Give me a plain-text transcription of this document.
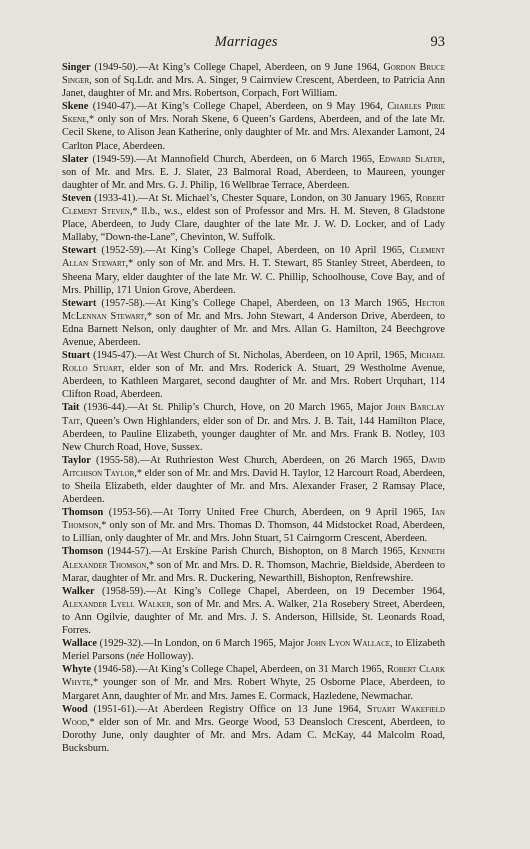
Marriages	93

Singer (1949-50).—At King’s College Chapel, Aberdeen, on 9 June 1964, Gordon Bruce Singer, son of Sq.Ldr. and Mrs. A. Singer, 9 Cairnview Crescent, Aberdeen, to Patricia Ann Janet, daughter of Mr. and Mrs. Robertson, Corpach, Fort William.

Skene (1940-47).—At King’s College Chapel, Aberdeen, on 9 May 1964, Charles Pirie Skene,* only son of Mrs. Norah Skene, 6 Queen’s Gardens, Aberdeen, and of the late Mr. Cecil Skene, to Alison Jean Katherine, only daughter of Mr. and Mrs. Alexander Lamont, 24 Carlton Place, Aberdeen.

Slater (1949-59).—At Mannofield Church, Aberdeen, on 6 March 1965, Edward Slater, son of Mr. and Mrs. E. J. Slater, 23 Balmoral Road, Aberdeen, to Maureen, younger daughter of Mr. and Mrs. G. J. Philip, 16 Wellbrae Terrace, Aberdeen.

Steven (1933-41).—At St. Michael’s, Chester Square, London, on 30 January 1965, Robert Clement Steven,* ll.b., w.s., eldest son of Professor and Mrs. H. M. Steven, 8 Gladstone Place, Aberdeen, to Judy Clare, daughter of the late Mr. J. W. D. Locker, and of Lady Mallaby, “Down-the-Lane”, Chevinton, W. Suffolk.

Stewart (1952-59).—At King’s College Chapel, Aberdeen, on 10 April 1965, Clement Allan Stewart,* only son of Mr. and Mrs. H. T. Stewart, 85 Stanley Street, Aberdeen, to Sheena Mary, elder daughter of the late Mr. W. C. Phillip, Schoolhouse, Cove Bay, and of Mrs. Phillip, 171 Union Grove, Aberdeen.

Stewart (1957-58).—At King’s College Chapel, Aberdeen, on 13 March 1965, Hector McLennan Stewart,* son of Mr. and Mrs. John Stewart, 4 Anderson Drive, Aberdeen, to Edna Barnett Nelson, only daughter of Mr. and Mrs. Allan G. Hamilton, 24 Beechgrove Avenue, Aberdeen.

Stuart (1945-47).—At West Church of St. Nicholas, Aberdeen, on 10 April, 1965, Michael Rollo Stuart, elder son of Mr. and Mrs. Roderick A. Stuart, 29 Westholme Avenue, Aberdeen, to Kathleen Margaret, second daughter of Mr. and Mrs. Robert Urquhart, 114 Clifton Road, Aberdeen.

Tait (1936-44).—At St. Philip’s Church, Hove, on 20 March 1965, Major John Barclay Tait, Queen’s Own Highlanders, elder son of Dr. and Mrs. J. B. Tait, 144 Hamilton Place, Aberdeen, to Pauline Elizabeth, younger daughter of Mr. and Mrs. Frank B. Notley, 103 New Church Road, Hove, Sussex.

Taylor (1955-58).—At Ruthrieston West Church, Aberdeen, on 26 March 1965, David Aitchison Taylor,* elder son of Mr. and Mrs. David H. Taylor, 12 Harcourt Road, Aberdeen, to Sheila Elizabeth, elder daughter of Mr. and Mrs. Alexander Fraser, 2 Ramsay Place, Aberdeen.

Thomson (1953-56).—At Torry United Free Church, Aberdeen, on 9 April 1965, Ian Thomson,* only son of Mr. and Mrs. Thomas D. Thomson, 44 Midstocket Road, Aberdeen, to Lillian, only daughter of Mr. and Mrs. John Stuart, 51 Cairngorm Crescent, Aberdeen.

Thomson (1944-57).—At Erskine Parish Church, Bishopton, on 8 March 1965, Kenneth Alexander Thomson,* son of Mr. and Mrs. D. R. Thomson, Machrie, Bieldside, Aberdeen to Marar, daughter of Mr. and Mrs. R. Duckering, Newarthill, Bishopton, Renfrewshire.

Walker (1958-59).—At King’s College Chapel, Aberdeen, on 19 December 1964, Alexander Lyell Walker, son of Mr. and Mrs. A. Walker, 21a Rosebery Street, Aberdeen, to Ann Ogilvie, daughter of Mr. and Mrs. J. S. Anderson, Hillside, St. Leonards Road, Forres.

Wallace (1929-32).—In London, on 6 March 1965, Major John Lyon Wallace, to Elizabeth Meriel Parsons (née Holloway).

Whyte (1946-58).—At King’s College Chapel, Aberdeen, on 31 March 1965, Robert Clark Whyte,* younger son of Mr. and Mrs. Robert Whyte, 25 Osborne Place, Aberdeen, to Margaret Ann, daughter of Mr. and Mrs. James E. Cormack, Hazledene, Newmachar.

Wood (1951-61).—At Aberdeen Registry Office on 13 June 1964, Stuart Wakefield Wood,* elder son of Mr. and Mrs. George Wood, 53 Deansloch Crescent, Aberdeen, to Dorothy June, only daughter of Mr. and Mrs. Adam C. McKay, 44 Malcolm Road, Bucksburn.
